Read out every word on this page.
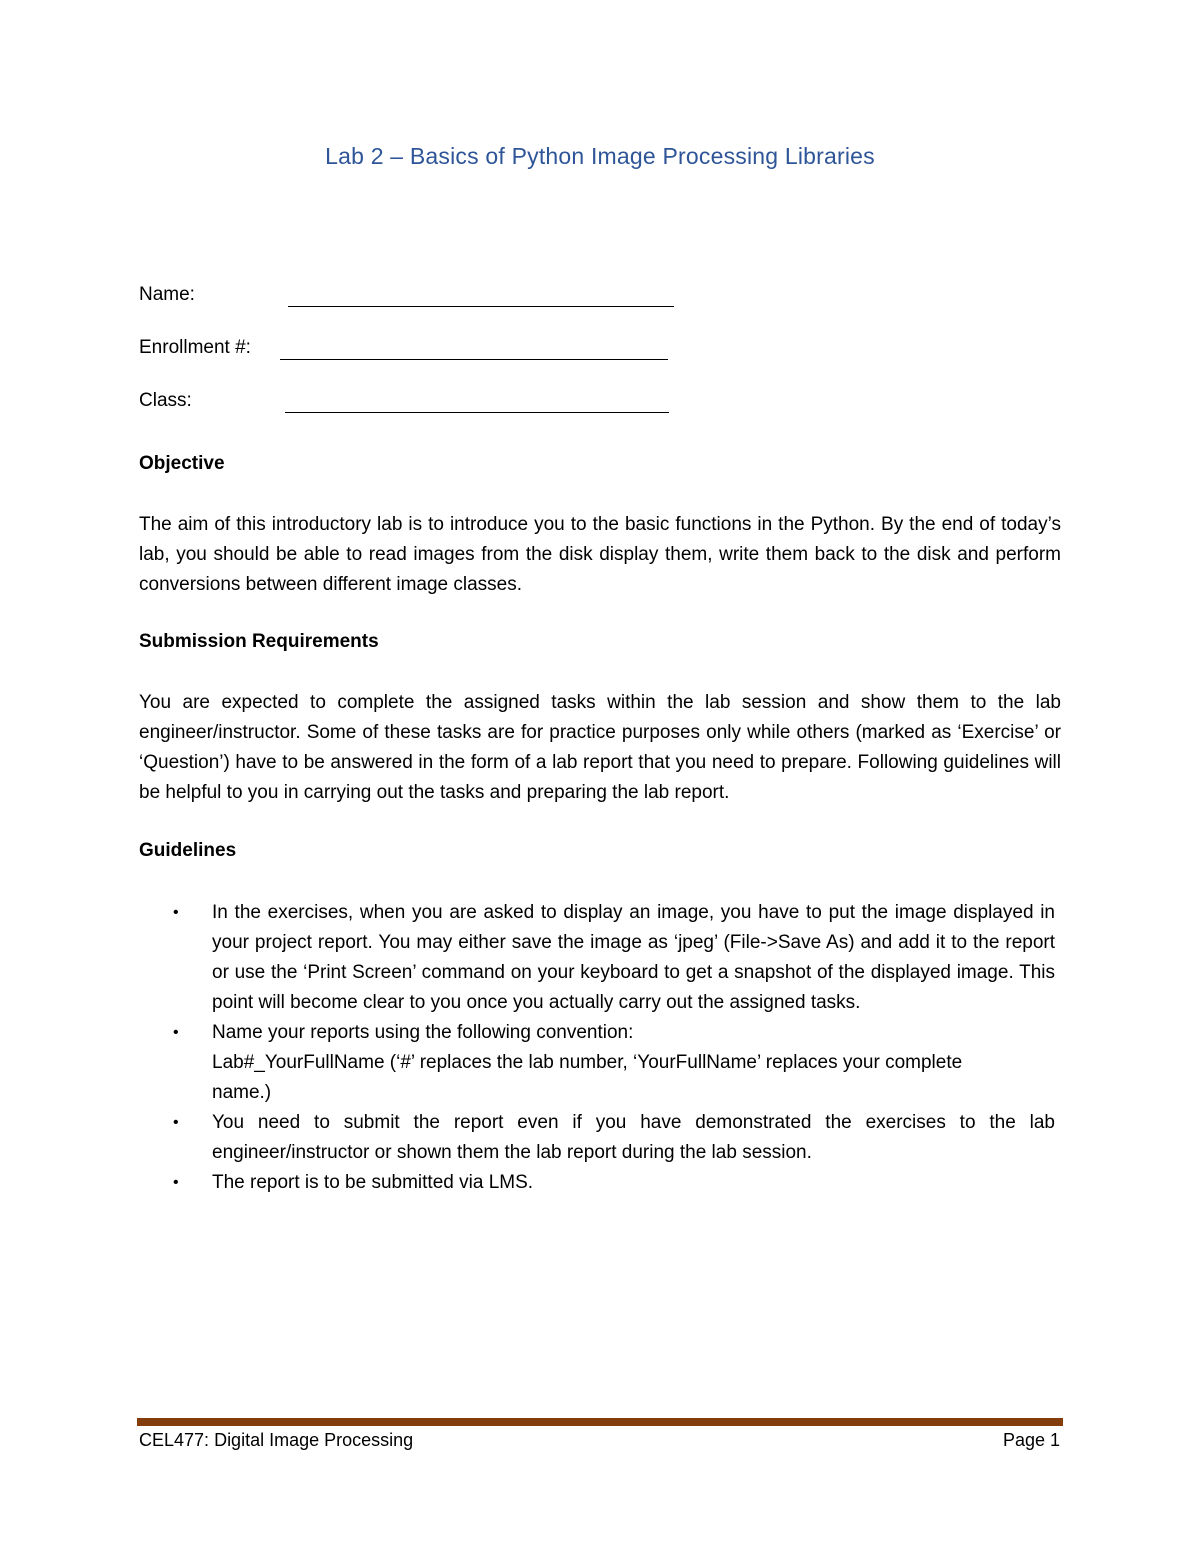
Lab 2 – Basics of Python Image Processing Libraries
Name:
Enrollment #:
Class:
Objective
The aim of this introductory lab is to introduce you to the basic functions in the Python. By the end of today’s lab, you should be able to read images from the disk display them, write them back to the disk and perform conversions between different image classes.
Submission Requirements
You are expected to complete the assigned tasks within the lab session and show them to the lab engineer/instructor. Some of these tasks are for practice purposes only while others (marked as ‘Exercise’ or ‘Question’) have to be answered in the form of a lab report that you need to prepare. Following guidelines will be helpful to you in carrying out the tasks and preparing the lab report.
Guidelines
• In the exercises, when you are asked to display an image, you have to put the image displayed in your project report. You may either save the image as ‘jpeg’ (File->Save As) and add it to the report or use the ‘Print Screen’ command on your keyboard to get a snapshot of the displayed image. This point will become clear to you once you actually carry out the assigned tasks.
• Name your reports using the following convention:
Lab#_YourFullName (‘#’ replaces the lab number, ‘YourFullName’ replaces your complete name.)
• You need to submit the report even if you have demonstrated the exercises to the lab engineer/instructor or shown them the lab report during the lab session.
• The report is to be submitted via LMS.
CEL477: Digital Image Processing	Page 1
